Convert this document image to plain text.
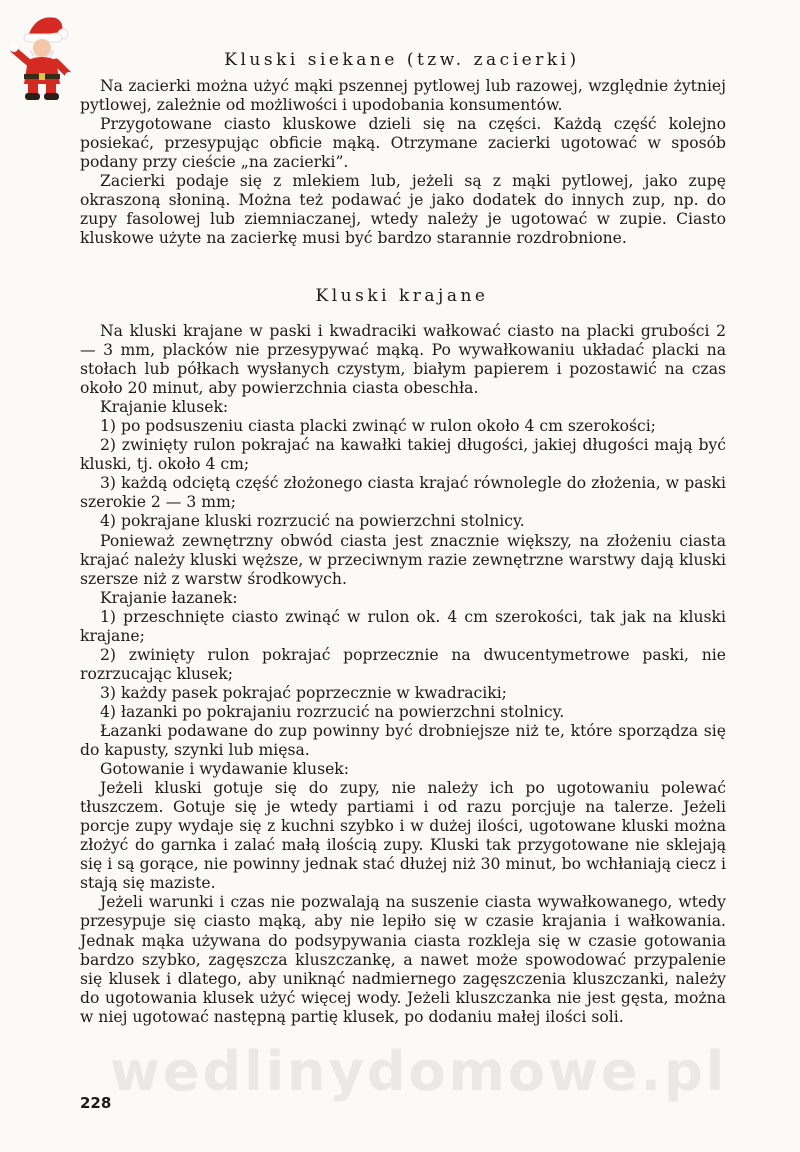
Kluski siekane (tzw. zacierki)

Na zacierki można użyć mąki pszennej pytlowej lub razowej, względnie żytniej pytlowej, zależnie od możliwości i upodobania konsumentów.

Przygotowane ciasto kluskowe dzieli się na części. Każdą część kolejno posiekać, przesypując obficie mąką. Otrzymane zacierki ugotować w sposób podany przy cieście „na zacierki”.

Zacierki podaje się z mlekiem lub, jeżeli są z mąki pytlowej, jako zupę okraszoną słoniną. Można też podawać je jako dodatek do innych zup, np. do zupy fasolowej lub ziemniaczanej, wtedy należy je ugotować w zupie. Ciasto kluskowe użyte na zacierkę musi być bardzo starannie rozdrobnione.

Kluski krajane

Na kluski krajane w paski i kwadraciki wałkować ciasto na placki grubości 2 — 3 mm, placków nie przesypywać mąką. Po wywałkowaniu układać placki na stołach lub półkach wysłanych czystym, białym papierem i pozostawić na czas około 20 minut, aby powierzchnia ciasta obeschła.

Krajanie klusek:

1) po podsuszeniu ciasta placki zwinąć w rulon około 4 cm szerokości;

2) zwinięty rulon pokrajać na kawałki takiej długości, jakiej długości mają być kluski, tj. około 4 cm;

3) każdą odciętą część złożonego ciasta krajać równolegle do złożenia, w paski szerokie 2 — 3 mm;

4) pokrajane kluski rozrzucić na powierzchni stolnicy.

Ponieważ zewnętrzny obwód ciasta jest znacznie większy, na złożeniu ciasta krajać należy kluski węższe, w przeciwnym razie zewnętrzne warstwy dają kluski szersze niż z warstw środkowych.

Krajanie łazanek:

1) przeschnięte ciasto zwinąć w rulon ok. 4 cm szerokości, tak jak na kluski krajane;

2) zwinięty rulon pokrajać poprzecznie na dwucentymetrowe paski, nie rozrzucając klusek;

3) każdy pasek pokrajać poprzecznie w kwadraciki;

4) łazanki po pokrajaniu rozrzucić na powierzchni stolnicy.

Łazanki podawane do zup powinny być drobniejsze niż te, które sporządza się do kapusty, szynki lub mięsa.

Gotowanie i wydawanie klusek:

Jeżeli kluski gotuje się do zupy, nie należy ich po ugotowaniu polewać tłuszczem. Gotuje się je wtedy partiami i od razu porcjuje na talerze. Jeżeli porcje zupy wydaje się z kuchni szybko i w dużej ilości, ugotowane kluski można złożyć do garnka i zalać małą ilością zupy. Kluski tak przygotowane nie sklejają się i są gorące, nie powinny jednak stać dłużej niż 30 minut, bo wchłaniają ciecz i stają się maziste.

Jeżeli warunki i czas nie pozwalają na suszenie ciasta wywałkowanego, wtedy przesypuje się ciasto mąką, aby nie lepiło się w czasie krajania i wałkowania. Jednak mąka używana do podsypywania ciasta rozkleja się w czasie gotowania bardzo szybko, zagęszcza kluszczankę, a nawet może spowodować przypalenie się klusek i dlatego, aby uniknąć nadmiernego zagęszczenia kluszczanki, należy do ugotowania klusek użyć więcej wody. Jeżeli kluszczanka nie jest gęsta, można w niej ugotować następną partię klusek, po dodaniu małej ilości soli.

wedlinydomowe.pl
228
